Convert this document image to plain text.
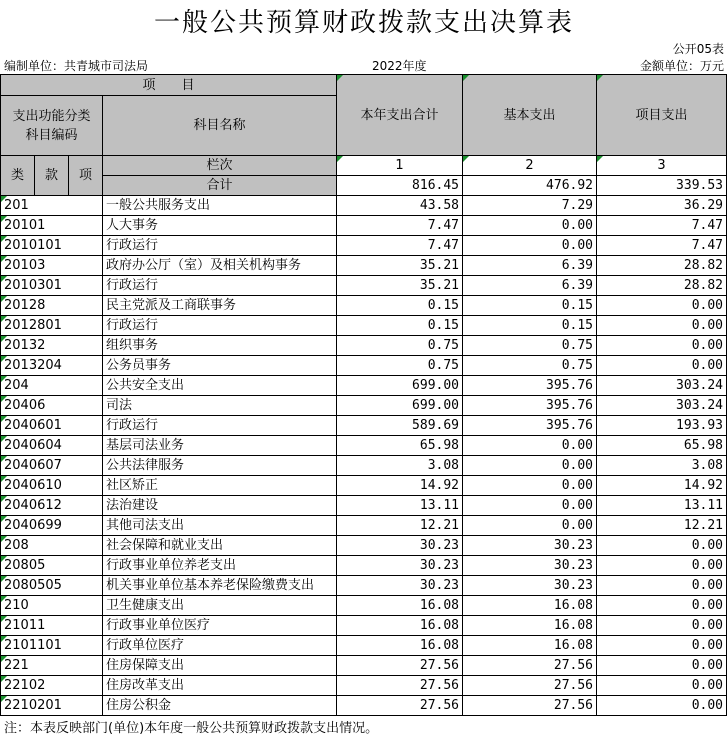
一般公共预算财政拨款支出决算表
公开05表
编制单位：共青城市司法局	2022年度	金额单位：万元
项　　目				本年支出合计	基本支出	项目支出
支出功能分类
科目编码			科目名称			

类	款	项	栏次	1	2	3
			合计	816.45	476.92	339.53
201			一般公共服务支出	43.58	7.29	36.29
20101			人大事务	7.47	0.00	7.47
2010101			行政运行	7.47	0.00	7.47
20103			政府办公厅（室）及相关机构事务	35.21	6.39	28.82
2010301			行政运行	35.21	6.39	28.82
20128			民主党派及工商联事务	0.15	0.15	0.00
2012801			行政运行	0.15	0.15	0.00
20132			组织事务	0.75	0.75	0.00
2013204			公务员事务	0.75	0.75	0.00
204			公共安全支出	699.00	395.76	303.24
20406			司法	699.00	395.76	303.24
2040601			行政运行	589.69	395.76	193.93
2040604			基层司法业务	65.98	0.00	65.98
2040607			公共法律服务	3.08	0.00	3.08
2040610			社区矫正	14.92	0.00	14.92
2040612			法治建设	13.11	0.00	13.11
2040699			其他司法支出	12.21	0.00	12.21
208			社会保障和就业支出	30.23	30.23	0.00
20805			行政事业单位养老支出	30.23	30.23	0.00
2080505			机关事业单位基本养老保险缴费支出	30.23	30.23	0.00
210			卫生健康支出	16.08	16.08	0.00
21011			行政事业单位医疗	16.08	16.08	0.00
2101101			行政单位医疗	16.08	16.08	0.00
221			住房保障支出	27.56	27.56	0.00
22102			住房改革支出	27.56	27.56	0.00
2210201			住房公积金	27.56	27.56	0.00
注：本表反映部门(单位)本年度一般公共预算财政拨款支出情况。
